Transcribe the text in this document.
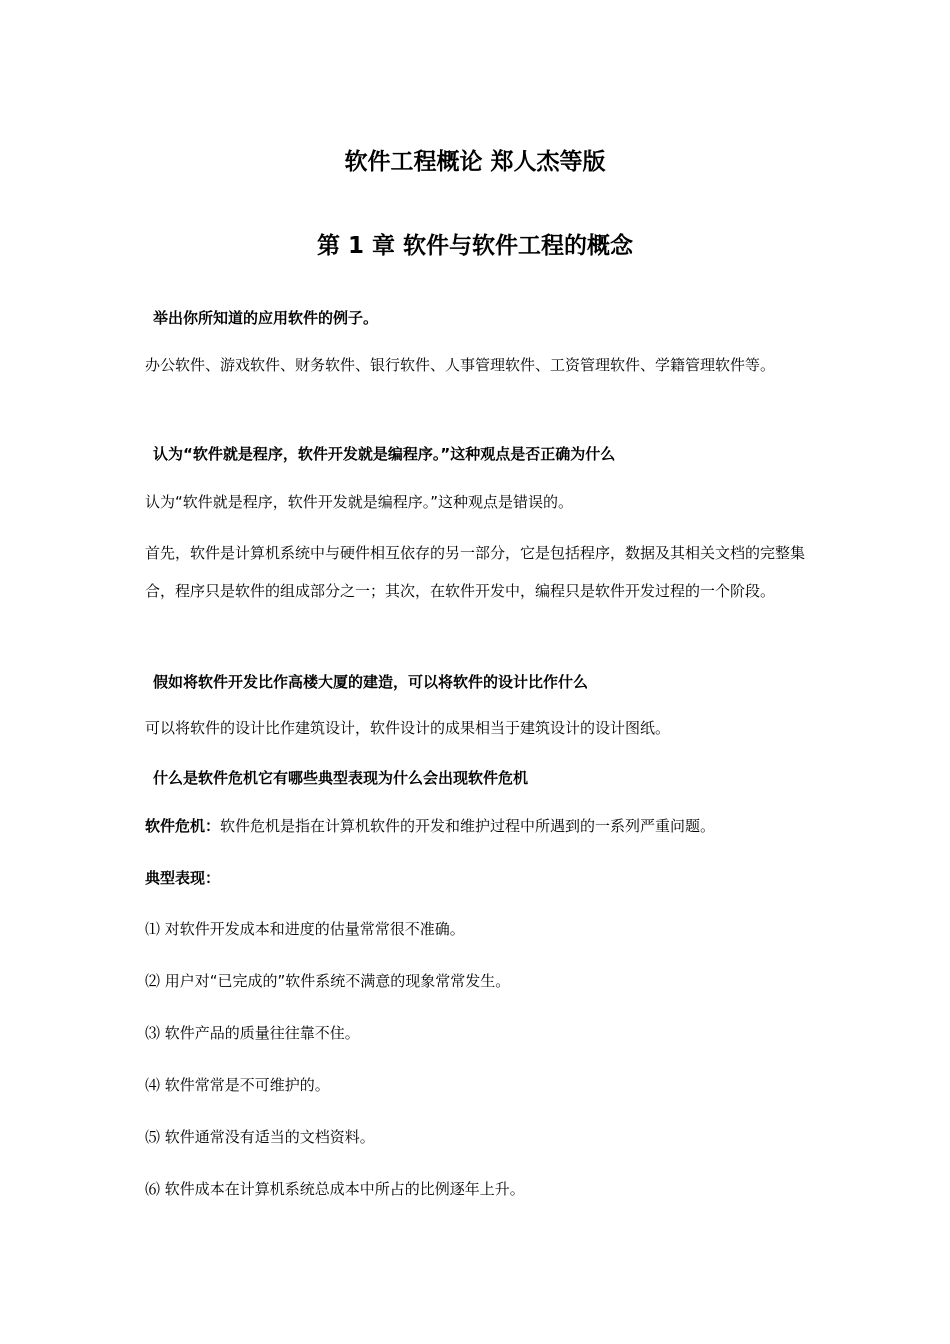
软件工程概论 郑人杰等版
第 1 章 软件与软件工程的概念

举出你所知道的应用软件的例子。

办公软件、游戏软件、财务软件、银行软件、人事管理软件、工资管理软件、学籍管理软件等。

认为“软件就是程序，软件开发就是编程序。”这种观点是否正确为什么

认为“软件就是程序，软件开发就是编程序。”这种观点是错误的。

首先，软件是计算机系统中与硬件相互依存的另一部分，它是包括程序，数据及其相关文档的完整集合，程序只是软件的组成部分之一；其次，在软件开发中，编程只是软件开发过程的一个阶段。

假如将软件开发比作高楼大厦的建造，可以将软件的设计比作什么

可以将软件的设计比作建筑设计，软件设计的成果相当于建筑设计的设计图纸。

什么是软件危机它有哪些典型表现为什么会出现软件危机

软件危机：软件危机是指在计算机软件的开发和维护过程中所遇到的一系列严重问题。

典型表现：

⑴ 对软件开发成本和进度的估量常常很不准确。
⑵ 用户对“已完成的”软件系统不满意的现象常常发生。
⑶ 软件产品的质量往往靠不住。
⑷ 软件常常是不可维护的。
⑸ 软件通常没有适当的文档资料。
⑹ 软件成本在计算机系统总成本中所占的比例逐年上升。
